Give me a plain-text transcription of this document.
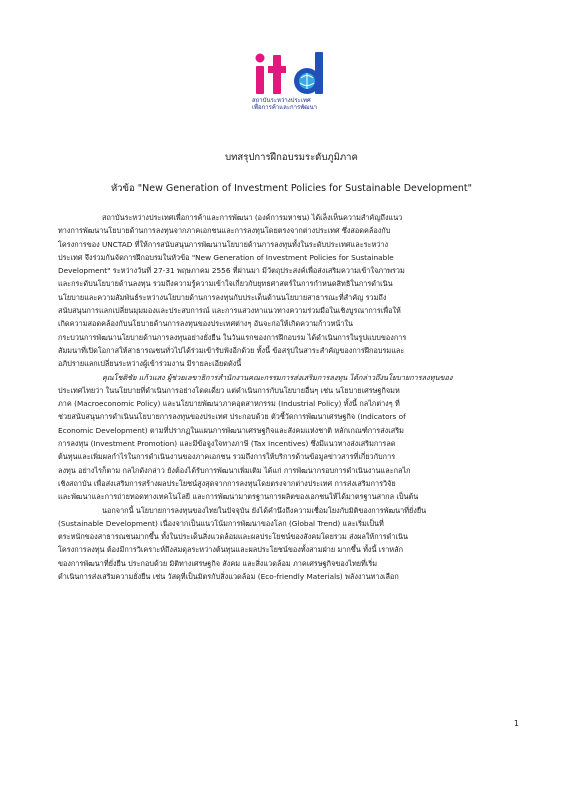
สถาบันระหว่างประเทศ
เพื่อการค้าและการพัฒนา
บทสรุปการฝึกอบรมระดับภูมิภาค
หัวข้อ "New Generation of Investment Policies for Sustainable Development"

สถาบันระหว่างประเทศเพื่อการค้าและการพัฒนา (องค์การมหาชน) ได้เล็งเห็นความสำคัญถึงแนว

ทางการพัฒนานโยบายด้านการลงทุนจากภาคเอกชนและการลงทุนโดยตรงจากต่างประเทศ ซึ่งสอดคล้องกับ

โครงการของ UNCTAD ที่ให้การสนับสนุนการพัฒนานโยบายด้านการลงทุนทั้งในระดับประเทศและระหว่าง

ประเทศ จึงร่วมกันจัดการฝึกอบรมในหัวข้อ "New Generation of Investment Policies for Sustainable

Development" ระหว่างวันที่ 27-31 พฤษภาคม 2556 ที่ผ่านมา มีวัตถุประสงค์เพื่อส่งเสริมความเข้าใจภาพรวม

และกระดับนโยบายด้านลงทุน รวมถึงความรู้ความเข้าใจเกี่ยวกับยุทธศาสตร์ในการกำหนดสิทธิในการดำเนิน

นโยบายและความสัมพันธ์ระหว่างนโยบายด้านการลงทุนกับประเด็นด้านนโยบายสาธารณะที่สำคัญ รวมถึง

สนับสนุนการแลกเปลี่ยนมุมมองและประสบการณ์ และการแสวงหาแนวทางความร่วมมือในเชิงบูรณาการเพื่อให้

เกิดความสอดคล้องกับนโยบายด้านการลงทุนของประเทศต่างๆ อันจะก่อให้เกิดความก้าวหน้าใน

กระบวนการพัฒนานโยบายด้านการลงทุนอย่างยั่งยืน ในวันแรกของการฝึกอบรม ได้ดำเนินการในรูปแบบของการ

สัมมนาที่เปิดโอกาสให้สาธารณชนทั่วไปได้ร่วมเข้ารับฟังอีกด้วย ทั้งนี้ ข้อสรุปในสาระสำคัญของการฝึกอบรมและ

อภิปรายแลกเปลี่ยนระหว่างผู้เข้าร่วมงาน มีรายละเอียดดังนี้

คุณโชติชัย แก้วแสง ผู้ช่วยเลขาธิการสำนักงานคณะกรรมการส่งเสริมการลงทุน ได้กล่าวถึงนโยบายการลงทุนของ

ประเทศไทยว่า ในนโยบายที่ดำเนินการอย่างโดดเดี่ยว แต่ดำเนินการกับนโยบายอื่นๆ เช่น นโยบายเศรษฐกิจมห

ภาค (Macroeconomic Policy) และนโยบายพัฒนาภาคอุตสาหกรรม (Industrial Policy) ทั้งนี้ กลไกต่างๆ ที่

ช่วยสนับสนุนการดำเนินนโยบายการลงทุนของประเทศ ประกอบด้วย ตัวชี้วัดการพัฒนาเศรษฐกิจ (Indicators of

Economic Development) ตามที่ปรากฏในแผนการพัฒนาเศรษฐกิจและสังคมแห่งชาติ หลักเกณฑ์การส่งเสริม

การลงทุน (Investment Promotion) และมีข้อจูงใจทางภาษี (Tax Incentives) ซึ่งมีแนวทางส่งเสริมการลด

ต้นทุนและเพิ่มผลกำไรในการดำเนินงานของภาคเอกชน รวมถึงการให้บริการด้านข้อมูลข่าวสารที่เกี่ยวกับการ

ลงทุน อย่างไรก็ตาม กลไกดังกล่าว ยังต้องได้รับการพัฒนาเพิ่มเติม ได้แก่ การพัฒนากรอบการดำเนินงานและกลไก

เชิงสถาบัน เพื่อส่งเสริมการสร้างผลประโยชน์สูงสุดจากการลงทุนโดยตรงจากต่างประเทศ การส่งเสริมการวิจัย

และพัฒนาและการถ่ายทอดทางเทคโนโลยี และการพัฒนามาตรฐานการผลิตของเอกชนให้ได้มาตรฐานสากล เป็นต้น

นอกจากนี้ นโยบายการลงทุนของไทยในปัจจุบัน ยังได้คำนึงถึงความเชื่อมโยงกับมิติของการพัฒนาที่ยั่งยืน

(Sustainable Development) เนื่องจากเป็นแนวโน้มการพัฒนาของโลก (Global Trend) และเริ่มเป็นที่

ตระหนักของสาธารณชนมากขึ้น ทั้งในประเด็นสิ่งแวดล้อมและผลประโยชน์ของสังคมโดยรวม ส่งผลให้การดำเนิน

โครงการลงทุน ต้องมีการวิเคราะห์ถึงสมดุลระหว่างต้นทุนและผลประโยชน์ของทั้งสามฝ่าย มากขึ้น ทั้งนี้ เราหลัก

ของการพัฒนาที่ยั่งยืน ประกอบด้วย มิติทางเศรษฐกิจ สังคม และสิ่งแวดล้อม ภาคเศรษฐกิจของไทยที่เริ่ม

ดำเนินการส่งเสริมความยั่งยืน เช่น วัสดุที่เป็นมิตรกับสิ่งแวดล้อม (Eco-friendly Materials) พลังงานทางเลือก

1
